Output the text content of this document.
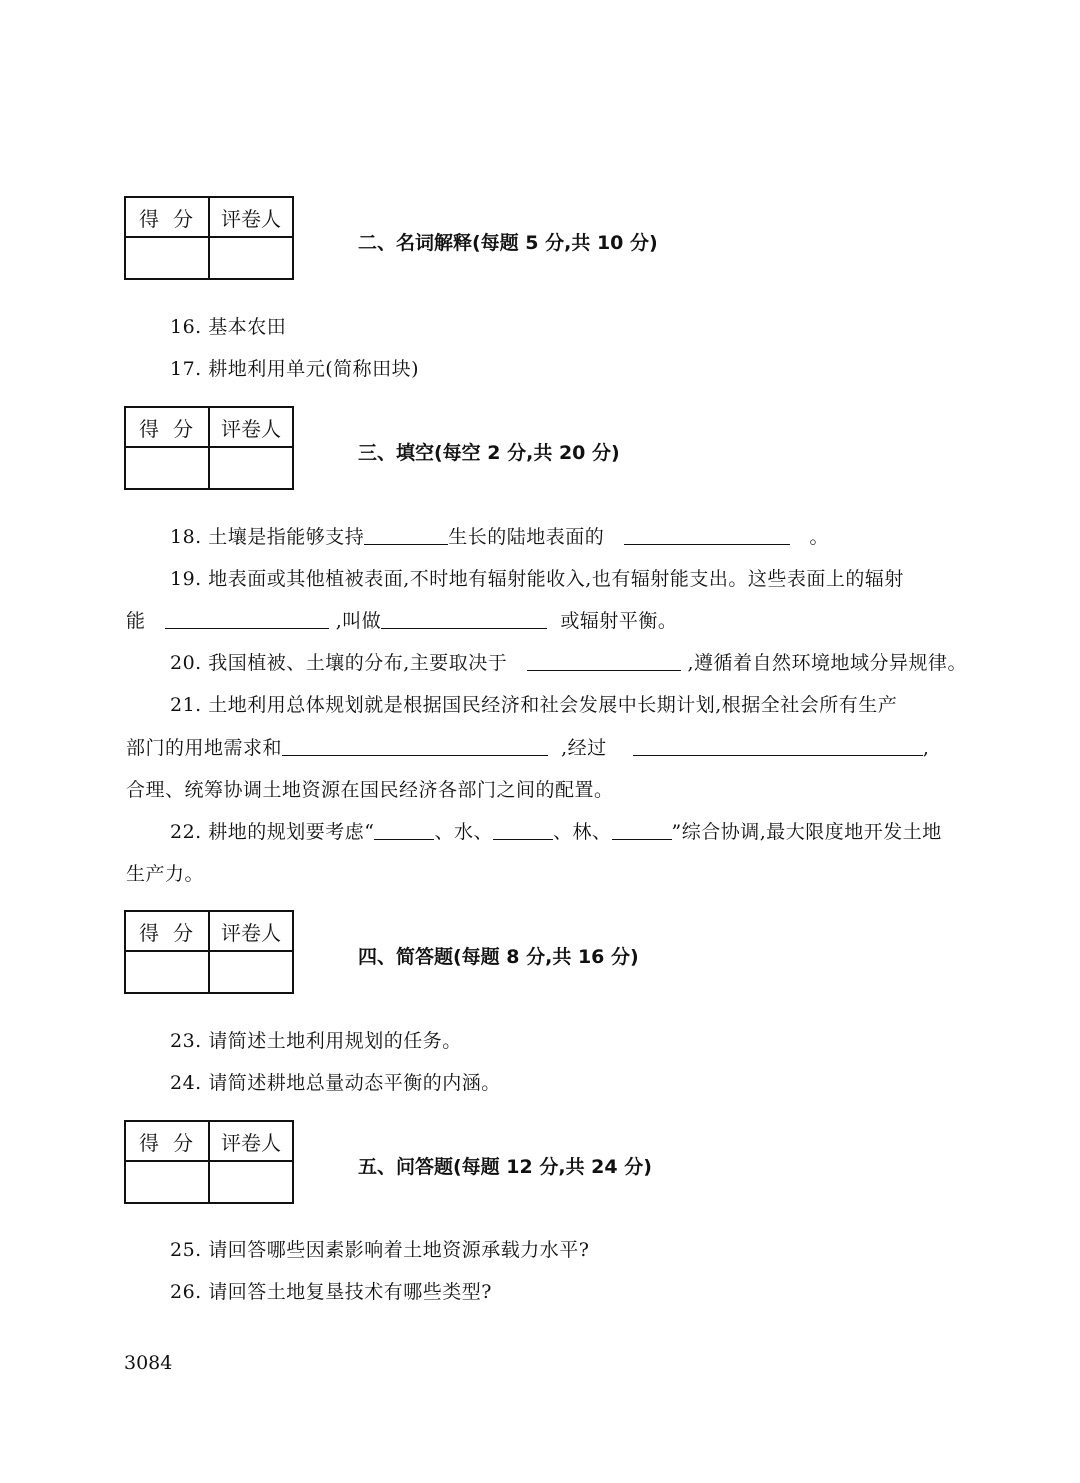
得分 评卷人
二、名词解释(每题 5 分,共 10 分)
16. 基本农田
17. 耕地利用单元(简称田块)
得分 评卷人
三、填空(每空 2 分,共 20 分)
18. 土壤是指能够支持	生长的陆地表面的	。
19. 地表面或其他植被表面,不时地有辐射能收入,也有辐射能支出。这些表面上的辐射
能	,叫做	或辐射平衡。
20. 我国植被、土壤的分布,主要取决于	,遵循着自然环境地域分异规律。
21. 土地利用总体规划就是根据国民经济和社会发展中长期计划,根据全社会所有生产
部门的用地需求和	,经过	,
合理、统筹协调土地资源在国民经济各部门之间的配置。
22. 耕地的规划要考虑“	、水、	、林、	”综合协调,最大限度地开发土地
生产力。
得分 评卷人
四、简答题(每题 8 分,共 16 分)
23. 请简述土地利用规划的任务。
24. 请简述耕地总量动态平衡的内涵。
得分 评卷人
五、问答题(每题 12 分,共 24 分)
25. 请回答哪些因素影响着土地资源承载力水平?
26. 请回答土地复垦技术有哪些类型?
3084
